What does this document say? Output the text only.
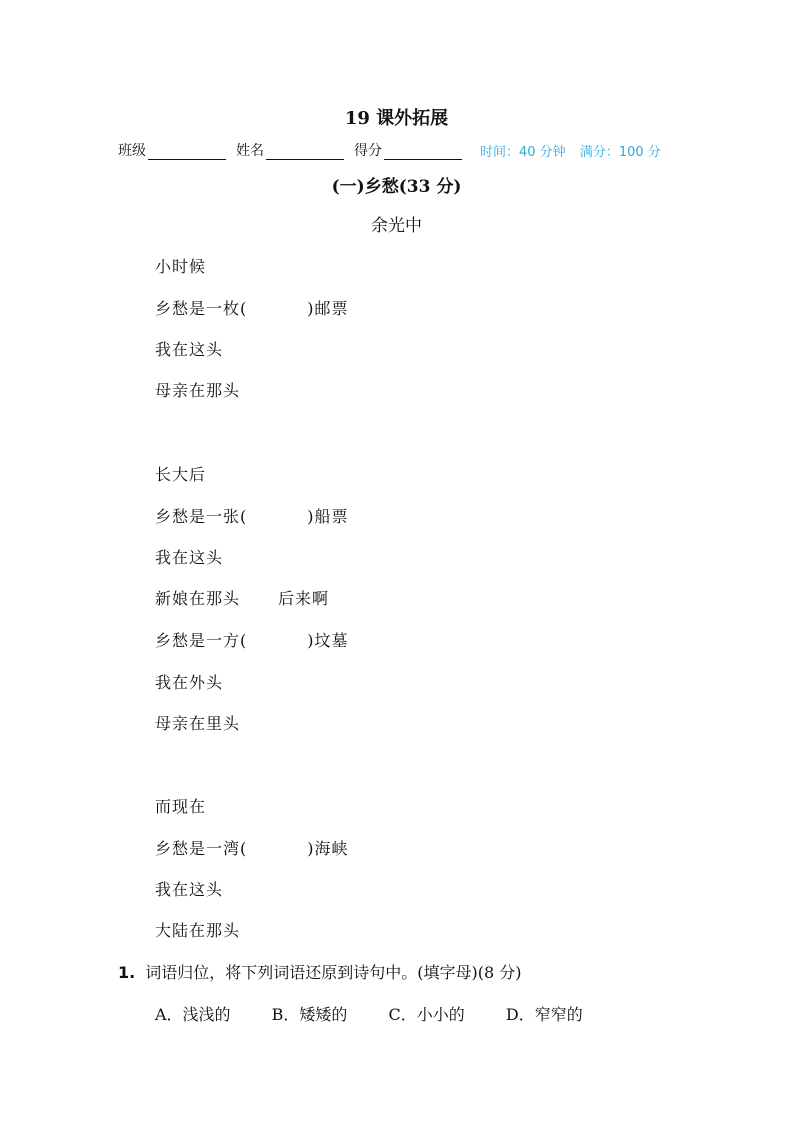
19 课外拓展
班级	姓名	得分	时间：40 分钟 满分：100 分
(一)乡愁(33 分)
余光中
小时候
乡愁是一枚(	)邮票
我在这头
母亲在那头
长大后
乡愁是一张(	)船票
我在这头
新娘在那头 后来啊
乡愁是一方(	)坟墓
我在外头
母亲在里头
而现在
乡愁是一湾(	)海峡
我在这头
大陆在那头
1. 词语归位，将下列词语还原到诗句中。(填字母)(8 分)
A．浅浅的	B．矮矮的	C．小小的	D．窄窄的
